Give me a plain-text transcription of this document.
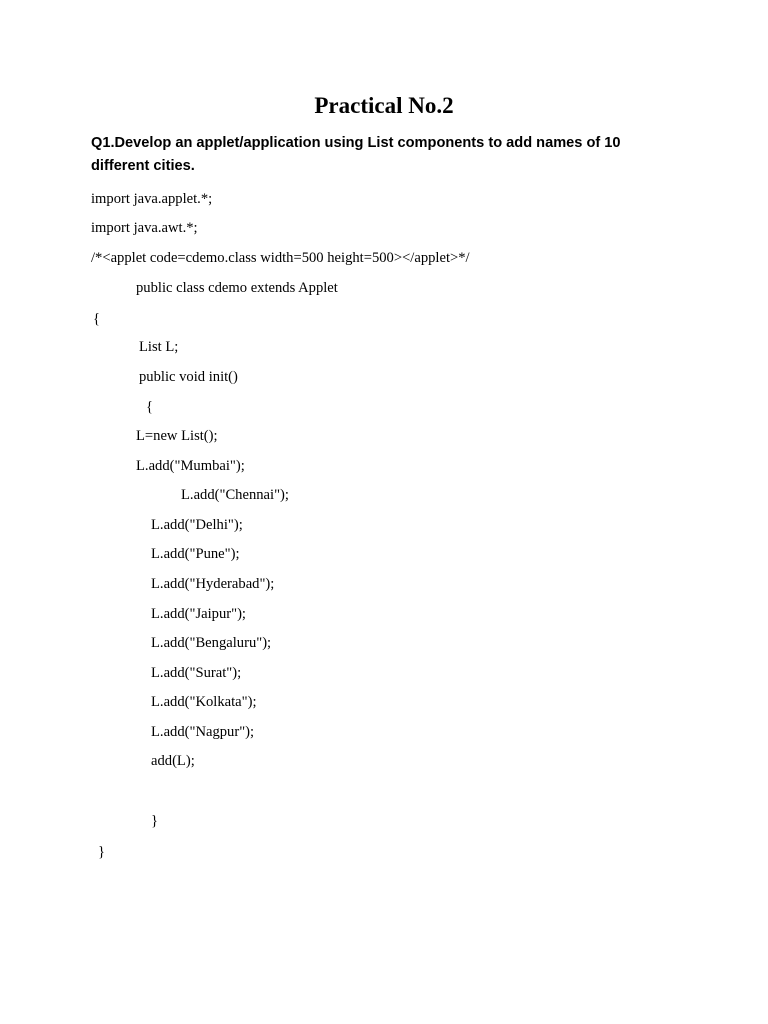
Practical No.2
Q1.Develop an applet/application using List components to add names of 10 different cities.
import java.applet.*;
import java.awt.*;
/*<applet code=cdemo.class width=500 height=500></applet>*/
public class cdemo extends Applet
{
List L;
public void init()
{
L=new List();
L.add("Mumbai");
L.add("Chennai");
L.add("Delhi");
L.add("Pune");
L.add("Hyderabad");
L.add("Jaipur");
L.add("Bengaluru");
L.add("Surat");
L.add("Kolkata");
L.add("Nagpur");
add(L);
}
}
